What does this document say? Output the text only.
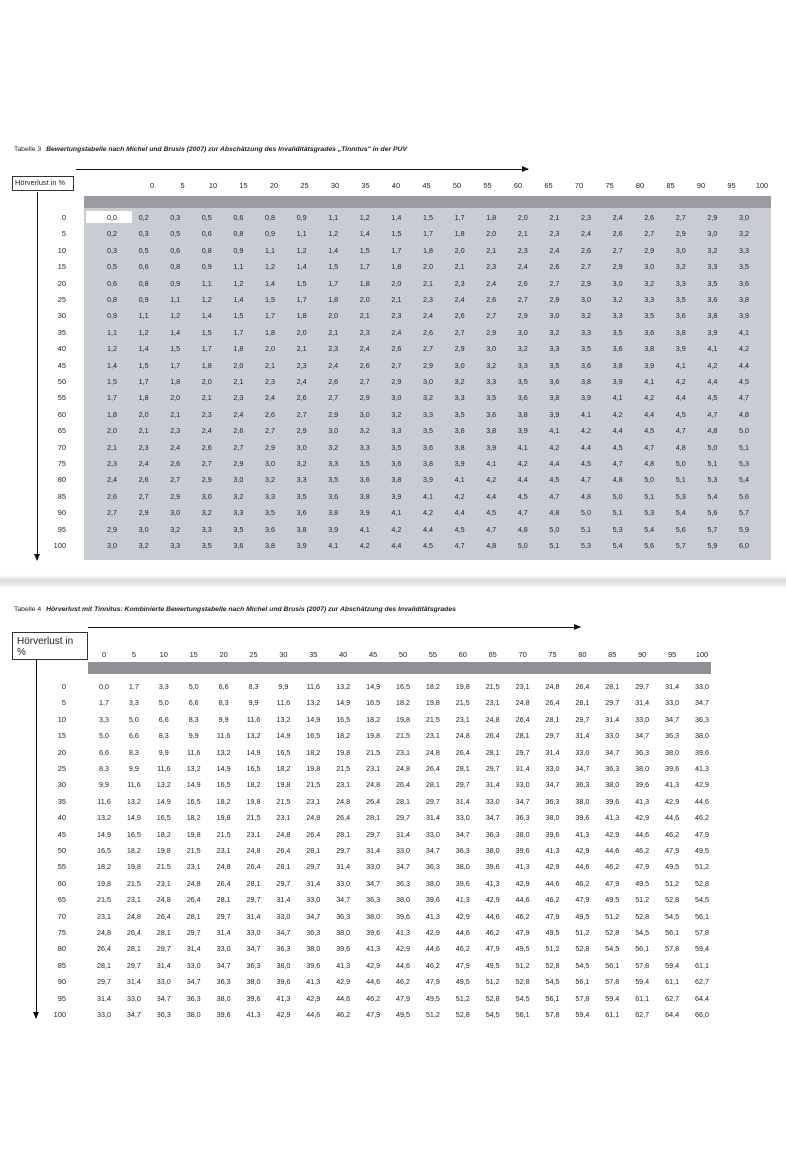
Tabelle 3 Bewertungstabelle nach Michel und Brusis (2007) zur Abschätzung des Invaliditätsgrades „Tinnitus" in der PUV
Hörverlust in %	0	5	10	15	20	25	30	35	40	45	50	55	60	65	70	75	80	85	90	95	100
0	0,0	0,2	0,3	0,5	0,6	0,8	0,9	1,1	1,2	1,4	1,5	1,7	1,8	2,0	2,1	2,3	2,4	2,6	2,7	2,9	3,0
5	0,2	0,3	0,5	0,6	0,8	0,9	1,1	1,2	1,4	1,5	1,7	1,8	2,0	2,1	2,3	2,4	2,6	2,7	2,9	3,0	3,2
10	0,3	0,5	0,6	0,8	0,9	1,1	1,2	1,4	1,5	1,7	1,8	2,0	2,1	2,3	2,4	2,6	2,7	2,9	3,0	3,2	3,3
15	0,5	0,6	0,8	0,9	1,1	1,2	1,4	1,5	1,7	1,8	2,0	2,1	2,3	2,4	2,6	2,7	2,9	3,0	3,2	3,3	3,5
20	0,6	0,8	0,9	1,1	1,2	1,4	1,5	1,7	1,8	2,0	2,1	2,3	2,4	2,6	2,7	2,9	3,0	3,2	3,3	3,5	3,6
25	0,8	0,9	1,1	1,2	1,4	1,5	1,7	1,8	2,0	2,1	2,3	2,4	2,6	2,7	2,9	3,0	3,2	3,3	3,5	3,6	3,8
30	0,9	1,1	1,2	1,4	1,5	1,7	1,8	2,0	2,1	2,3	2,4	2,6	2,7	2,9	3,0	3,2	3,3	3,5	3,6	3,8	3,9
35	1,1	1,2	1,4	1,5	1,7	1,8	2,0	2,1	2,3	2,4	2,6	2,7	2,9	3,0	3,2	3,3	3,5	3,6	3,8	3,9	4,1
40	1,2	1,4	1,5	1,7	1,8	2,0	2,1	2,3	2,4	2,6	2,7	2,9	3,0	3,2	3,3	3,5	3,6	3,8	3,9	4,1	4,2
45	1,4	1,5	1,7	1,8	2,0	2,1	2,3	2,4	2,6	2,7	2,9	3,0	3,2	3,3	3,5	3,6	3,8	3,9	4,1	4,2	4,4
50	1,5	1,7	1,8	2,0	2,1	2,3	2,4	2,6	2,7	2,9	3,0	3,2	3,3	3,5	3,6	3,8	3,9	4,1	4,2	4,4	4,5
55	1,7	1,8	2,0	2,1	2,3	2,4	2,6	2,7	2,9	3,0	3,2	3,3	3,5	3,6	3,8	3,9	4,1	4,2	4,4	4,5	4,7
60	1,8	2,0	2,1	2,3	2,4	2,6	2,7	2,9	3,0	3,2	3,3	3,5	3,6	3,8	3,9	4,1	4,2	4,4	4,5	4,7	4,8
65	2,0	2,1	2,3	2,4	2,6	2,7	2,9	3,0	3,2	3,3	3,5	3,6	3,8	3,9	4,1	4,2	4,4	4,5	4,7	4,8	5,0
70	2,1	2,3	2,4	2,6	2,7	2,9	3,0	3,2	3,3	3,5	3,6	3,8	3,9	4,1	4,2	4,4	4,5	4,7	4,8	5,0	5,1
75	2,3	2,4	2,6	2,7	2,9	3,0	3,2	3,3	3,5	3,6	3,8	3,9	4,1	4,2	4,4	4,5	4,7	4,8	5,0	5,1	5,3
80	2,4	2,6	2,7	2,9	3,0	3,2	3,3	3,5	3,6	3,8	3,9	4,1	4,2	4,4	4,5	4,7	4,8	5,0	5,1	5,3	5,4
85	2,6	2,7	2,9	3,0	3,2	3,3	3,5	3,6	3,8	3,9	4,1	4,2	4,4	4,5	4,7	4,8	5,0	5,1	5,3	5,4	5,6
90	2,7	2,9	3,0	3,2	3,3	3,5	3,6	3,8	3,9	4,1	4,2	4,4	4,5	4,7	4,8	5,0	5,1	5,3	5,4	5,6	5,7
95	2,9	3,0	3,2	3,3	3,5	3,6	3,8	3,9	4,1	4,2	4,4	4,5	4,7	4,8	5,0	5,1	5,3	5,4	5,6	5,7	5,9
100	3,0	3,2	3,3	3,5	3,6	3,8	3,9	4,1	4,2	4,4	4,5	4,7	4,8	5,0	5,1	5,3	5,4	5,6	5,7	5,9	6,0
Tabelle 4 Hörverlust mit Tinnitus: Kombinierte Bewertungstabelle nach Michel und Brusis (2007) zur Abschätzung des Invaliditätsgrades
Hörverlust in %	0	5	10	15	20	25	30	35	40	45	50	55	60	65	70	75	80	85	90	95	100
0	0,0	1,7	3,3	5,0	6,6	8,3	9,9	11,6	13,2	14,9	16,5	18,2	19,8	21,5	23,1	24,8	26,4	28,1	29,7	31,4	33,0
5	1,7	3,3	5,0	6,6	8,3	9,9	11,6	13,2	14,9	16,5	18,2	19,8	21,5	23,1	24,8	26,4	28,1	29,7	31,4	33,0	34,7
10	3,3	5,0	6,6	8,3	9,9	11,6	13,2	14,9	16,5	18,2	19,8	21,5	23,1	24,8	26,4	28,1	29,7	31,4	33,0	34,7	36,3
15	5,0	6,6	8,3	9,9	11,6	13,2	14,9	16,5	18,2	19,8	21,5	23,1	24,8	26,4	28,1	29,7	31,4	33,0	34,7	36,3	38,0
20	6,6	8,3	9,9	11,6	13,2	14,9	16,5	18,2	19,8	21,5	23,1	24,8	26,4	28,1	29,7	31,4	33,0	34,7	36,3	38,0	39,6
25	8,3	9,9	11,6	13,2	14,9	16,5	18,2	19,8	21,5	23,1	24,8	26,4	28,1	29,7	31,4	33,0	34,7	36,3	38,0	39,6	41,3
30	9,9	11,6	13,2	14,9	16,5	18,2	19,8	21,5	23,1	24,8	26,4	28,1	29,7	31,4	33,0	34,7	36,3	38,0	39,6	41,3	42,9
35	11,6	13,2	14,9	16,5	18,2	19,8	21,5	23,1	24,8	26,4	28,1	29,7	31,4	33,0	34,7	36,3	38,0	39,6	41,3	42,9	44,6
40	13,2	14,9	16,5	18,2	19,8	21,5	23,1	24,8	26,4	28,1	29,7	31,4	33,0	34,7	36,3	38,0	39,6	41,3	42,9	44,6	46,2
45	14,9	16,5	18,2	19,8	21,5	23,1	24,8	26,4	28,1	29,7	31,4	33,0	34,7	36,3	38,0	39,6	41,3	42,9	44,6	46,2	47,9
50	16,5	18,2	19,8	21,5	23,1	24,8	26,4	28,1	29,7	31,4	33,0	34,7	36,3	38,0	39,6	41,3	42,9	44,6	46,2	47,9	49,5
55	18,2	19,8	21,5	23,1	24,8	26,4	28,1	29,7	31,4	33,0	34,7	36,3	38,0	39,6	41,3	42,9	44,6	46,2	47,9	49,5	51,2
60	19,8	21,5	23,1	24,8	26,4	28,1	29,7	31,4	33,0	34,7	36,3	38,0	39,6	41,3	42,9	44,6	46,2	47,9	49,5	51,2	52,8
65	21,5	23,1	24,8	26,4	28,1	29,7	31,4	33,0	34,7	36,3	38,0	39,6	41,3	42,9	44,6	46,2	47,9	49,5	51,2	52,8	54,5
70	23,1	24,8	26,4	28,1	29,7	31,4	33,0	34,7	36,3	38,0	39,6	41,3	42,9	44,6	46,2	47,9	49,5	51,2	52,8	54,5	56,1
75	24,8	26,4	28,1	29,7	31,4	33,0	34,7	36,3	38,0	39,6	41,3	42,9	44,6	46,2	47,9	49,5	51,2	52,8	54,5	56,1	57,8
80	26,4	28,1	29,7	31,4	33,0	34,7	36,3	38,0	39,6	41,3	42,9	44,6	46,2	47,9	49,5	51,2	52,8	54,5	56,1	57,8	59,4
85	28,1	29,7	31,4	33,0	34,7	36,3	38,0	39,6	41,3	42,9	44,6	46,2	47,9	49,5	51,2	52,8	54,5	56,1	57,8	59,4	61,1
90	29,7	31,4	33,0	34,7	36,3	38,0	39,6	41,3	42,9	44,6	46,2	47,9	49,5	51,2	52,8	54,5	56,1	57,8	59,4	61,1	62,7
95	31,4	33,0	34,7	36,3	38,0	39,6	41,3	42,9	44,6	46,2	47,9	49,5	51,2	52,8	54,5	56,1	57,8	59,4	61,1	62,7	64,4
100	33,0	34,7	36,3	38,0	39,6	41,3	42,9	44,6	46,2	47,9	49,5	51,2	52,8	54,5	56,1	57,8	59,4	61,1	62,7	64,4	66,0
